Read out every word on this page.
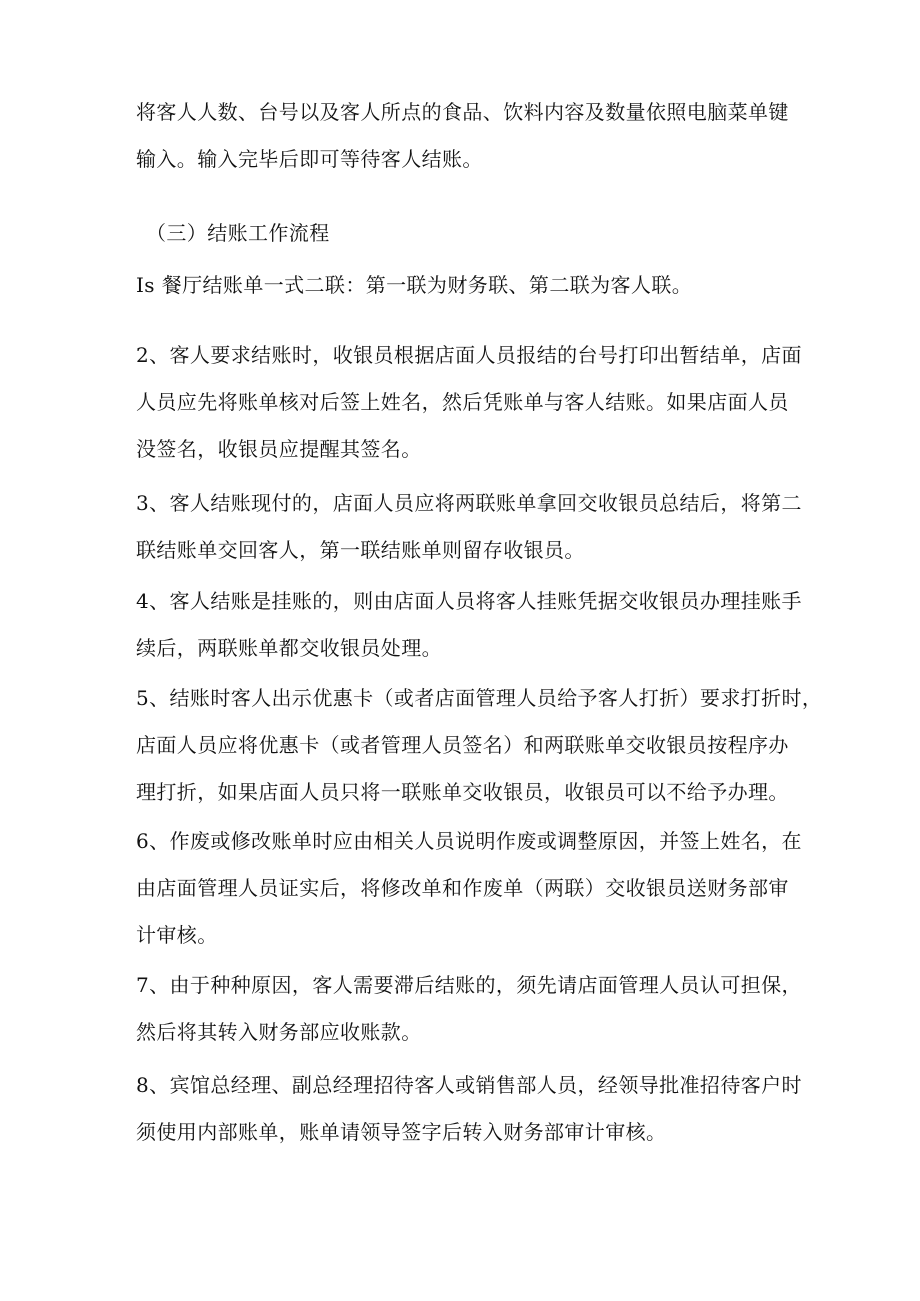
将客人人数、台号以及客人所点的食品、饮料内容及数量依照电脑菜单键
输入。输入完毕后即可等待客人结账。

（三）结账工作流程

Is 餐厅结账单一式二联：第一联为财务联、第二联为客人联。

2、客人要求结账时，收银员根据店面人员报结的台号打印出暂结单，店面
人员应先将账单核对后签上姓名，然后凭账单与客人结账。如果店面人员
没签名，收银员应提醒其签名。

3、客人结账现付的，店面人员应将两联账单拿回交收银员总结后，将第二
联结账单交回客人，第一联结账单则留存收银员。

4、客人结账是挂账的，则由店面人员将客人挂账凭据交收银员办理挂账手
续后，两联账单都交收银员处理。

5、结账时客人出示优惠卡（或者店面管理人员给予客人打折）要求打折时，
店面人员应将优惠卡（或者管理人员签名）和两联账单交收银员按程序办
理打折，如果店面人员只将一联账单交收银员，收银员可以不给予办理。

6、作废或修改账单时应由相关人员说明作废或调整原因，并签上姓名，在
由店面管理人员证实后，将修改单和作废单（两联）交收银员送财务部审
计审核。

7、由于种种原因，客人需要滞后结账的，须先请店面管理人员认可担保，
然后将其转入财务部应收账款。

8、宾馆总经理、副总经理招待客人或销售部人员，经领导批准招待客户时
须使用内部账单，账单请领导签字后转入财务部审计审核。
